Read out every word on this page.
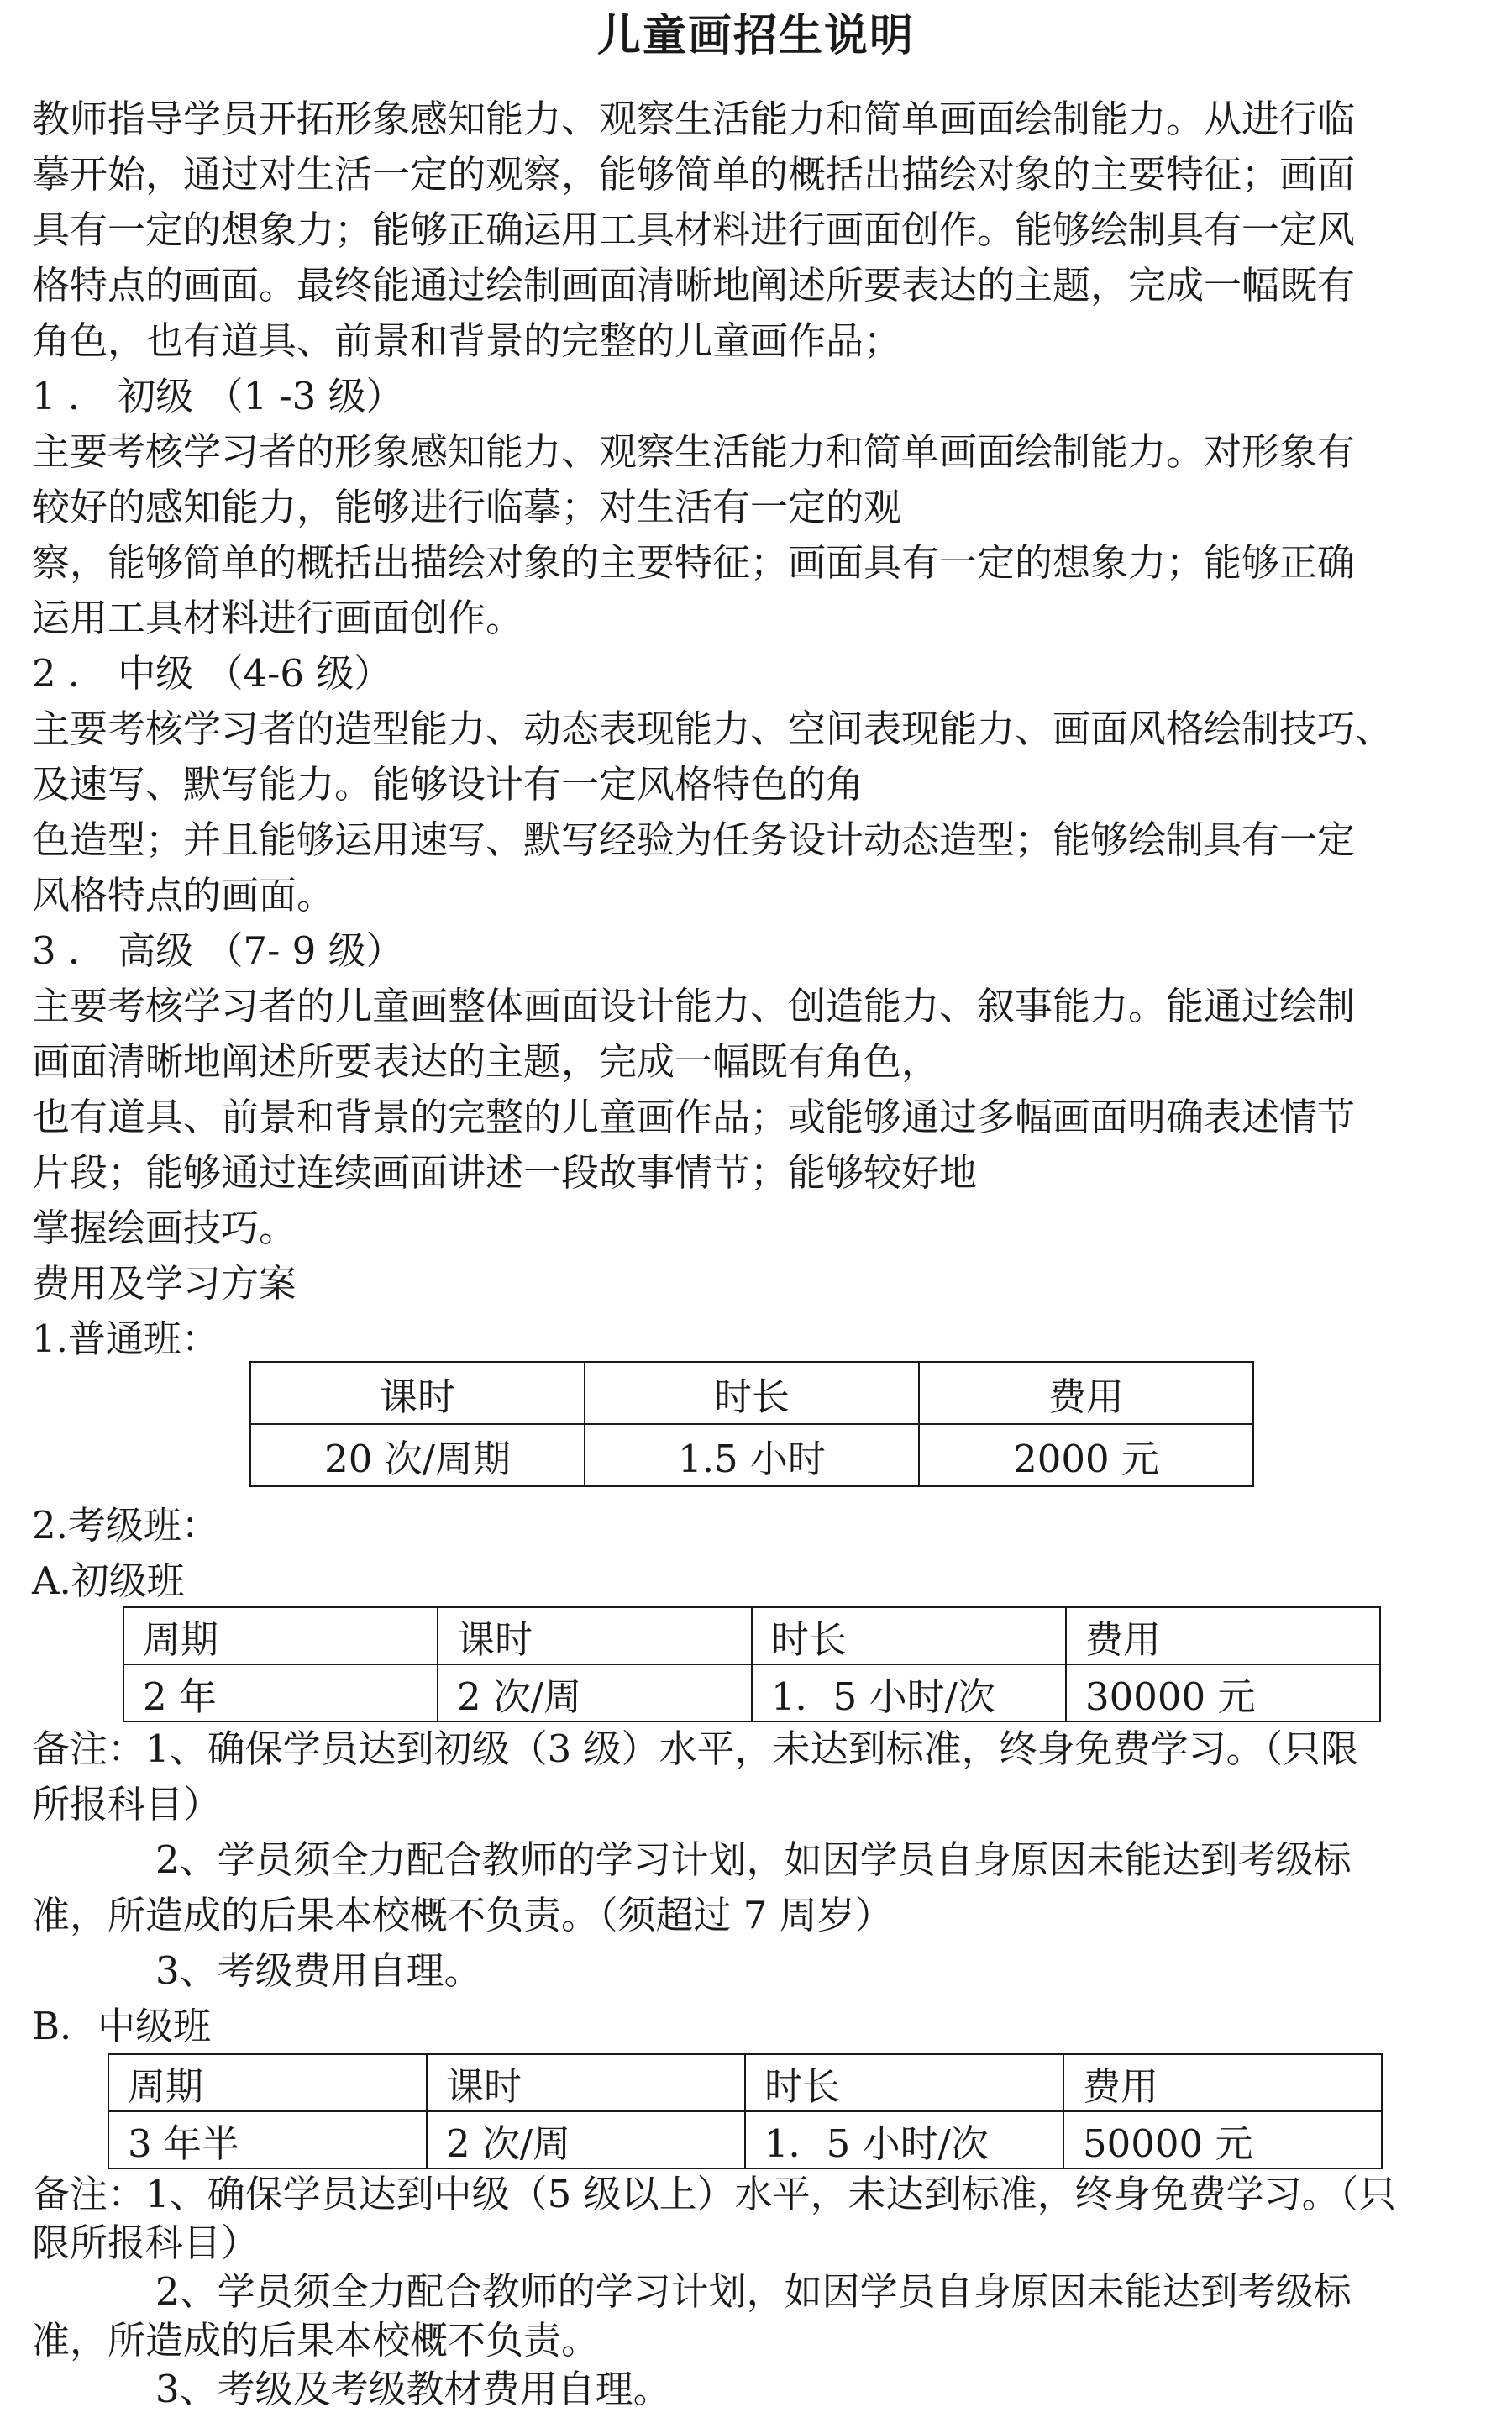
儿童画招生说明
教师指导学员开拓形象感知能力、观察生活能力和简单画面绘制能力。从进行临
摹开始，通过对生活一定的观察，能够简单的概括出描绘对象的主要特征；画面
具有一定的想象力；能够正确运用工具材料进行画面创作。能够绘制具有一定风
格特点的画面。最终能通过绘制画面清晰地阐述所要表达的主题，完成一幅既有
角色，也有道具、前景和背景的完整的儿童画作品；
1 ． 初级 （1 -3 级）
主要考核学习者的形象感知能力、观察生活能力和简单画面绘制能力。对形象有
较好的感知能力，能够进行临摹；对生活有一定的观
察，能够简单的概括出描绘对象的主要特征；画面具有一定的想象力；能够正确
运用工具材料进行画面创作。
2 ． 中级 （4-6 级）
主要考核学习者的造型能力、动态表现能力、空间表现能力、画面风格绘制技巧、
及速写、默写能力。能够设计有一定风格特色的角
色造型；并且能够运用速写、默写经验为任务设计动态造型；能够绘制具有一定
风格特点的画面。
3 ． 高级 （7- 9 级）
主要考核学习者的儿童画整体画面设计能力、创造能力、叙事能力。能通过绘制
画面清晰地阐述所要表达的主题，完成一幅既有角色，
也有道具、前景和背景的完整的儿童画作品；或能够通过多幅画面明确表述情节
片段；能够通过连续画面讲述一段故事情节；能够较好地
掌握绘画技巧。
费用及学习方案
1.普通班：
课时	时长	费用
20 次/周期	1.5 小时	2000 元
2.考级班：
A.初级班
周期	课时	时长	费用
2 年	2 次/周	1．5 小时/次	30000 元
备注：1、确保学员达到初级（3 级）水平，未达到标准，终身免费学习。（只限
所报科目）
2、学员须全力配合教师的学习计划，如因学员自身原因未能达到考级标
准，所造成的后果本校概不负责。（须超过 7 周岁）
3、考级费用自理。
B．中级班
周期	课时	时长	费用
3 年半	2 次/周	1．5 小时/次	50000 元
备注：1、确保学员达到中级（5 级以上）水平，未达到标准，终身免费学习。（只
限所报科目）
2、学员须全力配合教师的学习计划，如因学员自身原因未能达到考级标
准，所造成的后果本校概不负责。
3、考级及考级教材费用自理。
